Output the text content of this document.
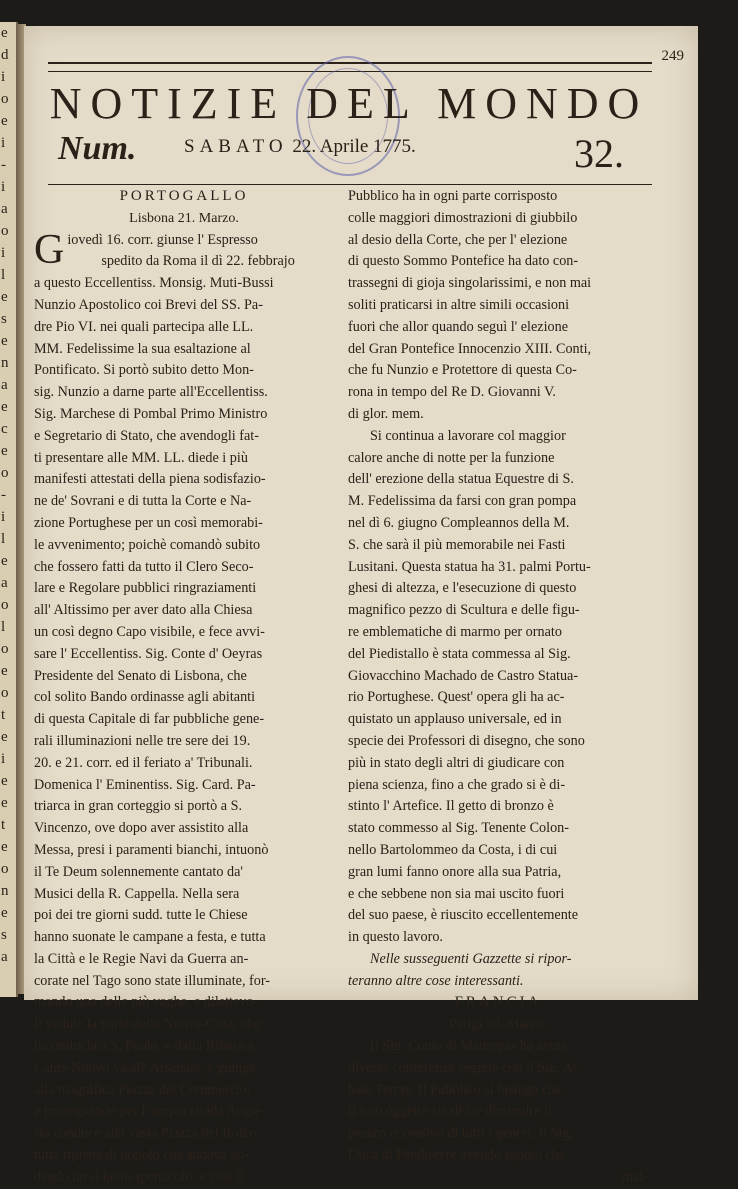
e
d
i
o
e
i
-
i
a
o
i
l
e
s
e
n
a
e
c
e
o
-
i
l
e
a
o
l
o
e
o
t
e
i
e
e
t
e
o
n
e
s
a
249
NOTIZIE DEL MONDO
Num.	SABATO 22. Aprile 1775.	32.
PORTOGALLO
Lisbona 21. Marzo.
Giovedì 16. corr. giunse l' Espresso
spedito da Roma il dì 22. febbrajo
a questo Eccellentiss. Monsig. Muti-Bussi
Nunzio Apostolico coi Brevi del SS. Pa-
dre Pio VI. nei quali partecipa alle LL.
MM. Fedelissime la sua esaltazione al
Pontificato. Si portò subito detto Mon-
sig. Nunzio a darne parte all'Eccellentiss.
Sig. Marchese di Pombal Primo Ministro
e Segretario di Stato, che avendogli fat-
ti presentare alle MM. LL. diede i più
manifesti attestati della piena sodisfazio-
ne de' Sovrani e di tutta la Corte e Na-
zione Portughese per un così memorabi-
le avvenimento; poichè comandò subito
che fossero fatti da tutto il Clero Seco-
lare e Regolare pubblici ringraziamenti
all' Altissimo per aver dato alla Chiesa
un così degno Capo visibile, e fece avvi-
sare l' Eccellentiss. Sig. Conte d' Oeyras
Presidente del Senato di Lisbona, che
col solito Bando ordinasse agli abitanti
di questa Capitale di far pubbliche gene-
rali illuminazioni nelle tre sere dei 19.
20. e 21. corr. ed il feriato a' Tribunali.
Domenica l' Eminentiss. Sig. Card. Pa-
triarca in gran corteggio si portò a S.
Vincenzo, ove dopo aver assistito alla
Messa, presi i paramenti bianchi, intuonò
il Te Deum solennemente cantato da'
Musici della R. Cappella. Nella sera
poi dei tre giorni sudd. tutte le Chiese
hanno suonate le campane a festa, e tutta
la Città e le Regie Navi da Guerra an-
corate nel Tago sono state illuminate, for-
mando una delle più vaghe, e dilettevo-
li vedute la parte della Nuova-Città, che
incomincia a S. Paolo, e dalla Ribera a
Cahis-Nuovo và all' Arsenale, e giunge
alla magnifica Piazza del Commercio,
e proseguendo per l' ampia strada Augu-
sta conduce alla vasta Piazza del Roico
tutta ripiena di popolo che andava go-
dendo un sì bello spettacolo; e così il
Pubblico ha in ogni parte corrisposto
colle maggiori dimostrazioni di giubbilo
al desio della Corte, che per l' elezione
di questo Sommo Pontefice ha dato con-
trassegni di gioja singolarissimi, e non mai
soliti praticarsi in altre simili occasioni
fuori che allor quando seguì l' elezione
del Gran Pontefice Innocenzio XIII. Conti,
che fu Nunzio e Protettore di questa Co-
rona in tempo del Re D. Giovanni V.
di glor. mem.
Si continua a lavorare col maggior
calore anche di notte per la funzione
dell' erezione della statua Equestre di S.
M. Fedelissima da farsi con gran pompa
nel dì 6. giugno Compleannos della M.
S. che sarà il più memorabile nei Fasti
Lusitani. Questa statua ha 31. palmi Portu-
ghesi di altezza, e l'esecuzione di questo
magnifico pezzo di Scultura e delle figu-
re emblematiche di marmo per ornato
del Piedistallo è stata commessa al Sig.
Giovacchino Machado de Castro Statua-
rio Portughese. Quest' opera gli ha ac-
quistato un applauso universale, ed in
specie dei Professori di disegno, che sono
più in stato degli altri di giudicare con
piena scienza, fino a che grado si è di-
stinto l' Artefice. Il getto di bronzo è
stato commesso al Sig. Tenente Colon-
nello Bartolommeo da Costa, i di cui
gran lumi fanno onore alla sua Patria,
e che sebbene non sia mai uscito fuori
del suo paese, è riuscito eccellentemente
in questo lavoro.
Nelle susseguenti Gazzette si ripor-
teranno altre cose interessanti.
FRANCIA
Parigi 30. Marzo.
Il Sig. Conte di Maurepas ha avute
diverse conferenze segrete con il Sig. A-
bate Terray. Il Pubblico si lusinga che
il loro oggetto sia di far diminuire il
prezzo eccessivo di tutti i generi. Il Sig.
Duca di Penthievre avendo saputo che
mal-
